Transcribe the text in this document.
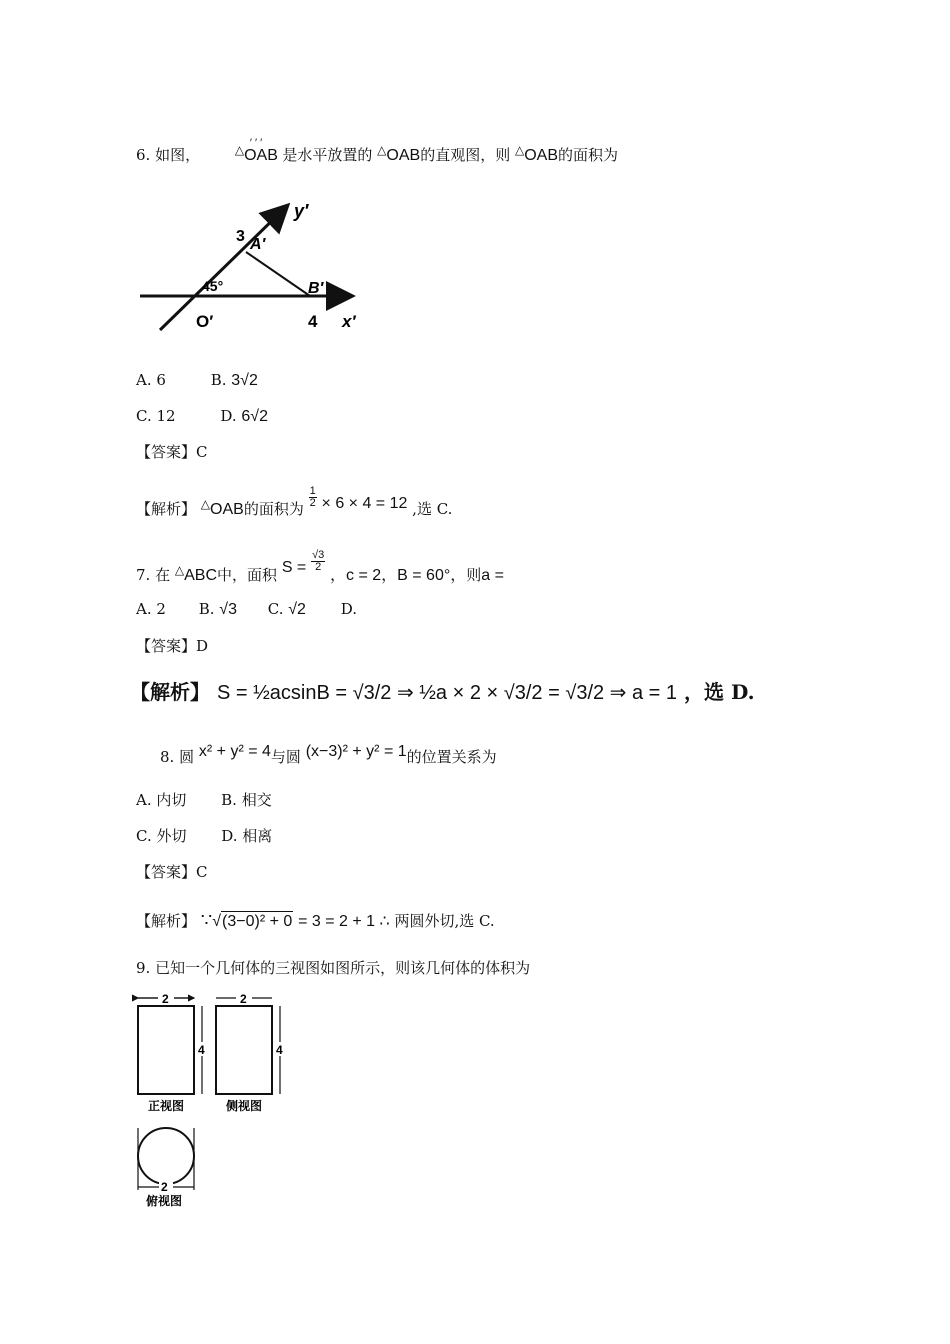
6. 如图，	△OAB
′ ′ ′
是水平放置的 △OAB的直观图，则 △OAB的面积为
y′
3 A′
45°	B′
O′	4 x′
A. 6	B. 3√2
C. 12	D. 6√2
【答案】C
【解析】 △OAB的面积为 $\frac{1}{2} \times 6 \times 4 = 12$ ,选 C.
7. 在 △ABC中，面积 $S = \frac{√3}{2}$
，c = 2，B = 60°，则a =
A. 2 B. √3 C. √2 D.
【答案】D
【解析】 S = ½acsinB = √3/2 ⇒ ½a × 2 × √3/2 = √3/2 ⇒ a = 1 ，选 D.
8. 圆 x² + y² = 4与圆 (x−3)² + y² = 1的位置关系为
A. 内切 B. 相交
C. 外切 D. 相离
【答案】C
【解析】 ∵√(3−0)² + 0 = 3 = 2 + 1 ∴ 两圆外切,选 C.
9. 已知一个几何体的三视图如图所示，则该几何体的体积为
2
4
正视图
2
4
侧视图
2
俯视图
